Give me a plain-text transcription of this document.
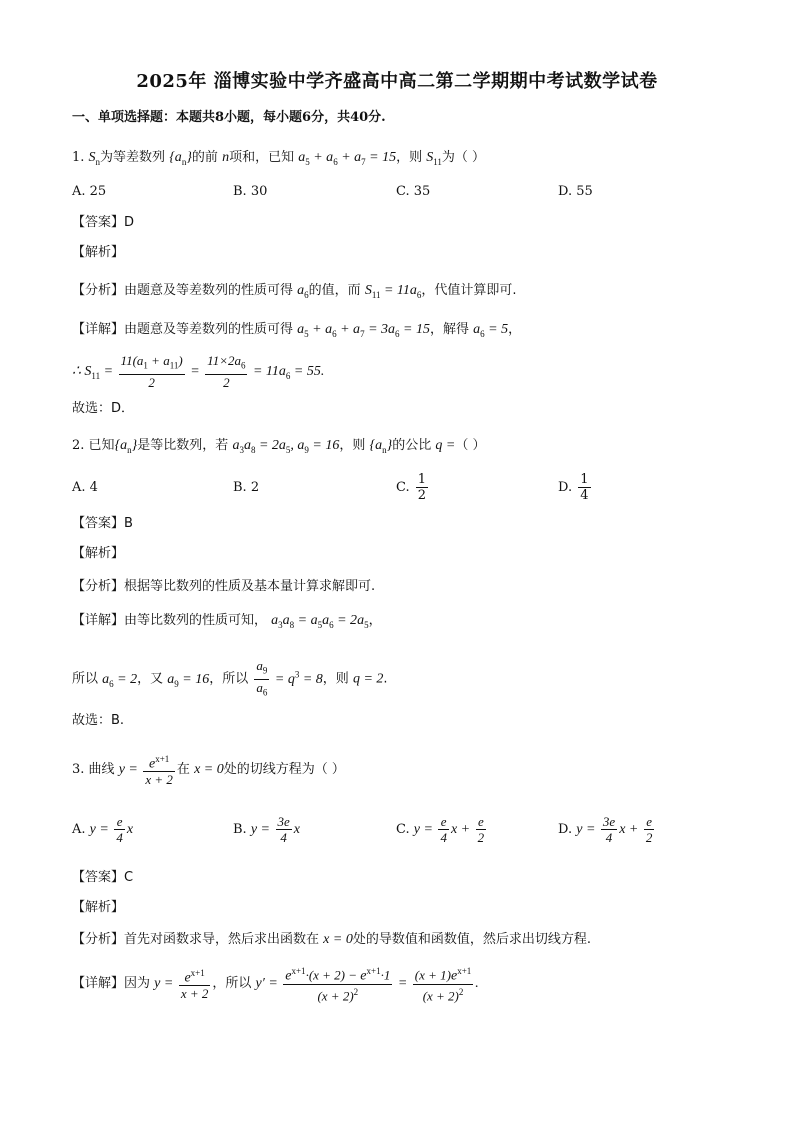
2025年 淄博实验中学齐盛高中高二第二学期期中考试数学试卷
一、单项选择题：本题共8小题，每小题6分，共40分.
1. $S_n$为等差数列 $\{a_n\}$的前 n项和，已知 $a_5 + a_6 + a_7 = 15$，则 $S_{11}$为（ ）
A. 25	B. 30	C. 35	D. 55
【答案】D
【解析】
【分析】由题意及等差数列的性质可得 $a_6$的值，而 $S_{11} = 11a_6$，代值计算即可.
【详解】由题意及等差数列的性质可得 $a_5 + a_6 + a_7 = 3a_6 = 15$，解得 $a_6 = 5$，
∴ $S_{11} = \frac{11(a_1 + a_{11})}{2} = \frac{11\times 2a_6}{2} = 11a_6 = 55$.
故选：D．
2. 已知$\{a_n\}$是等比数列，若 $a_3a_8 = 2a_5$, $a_9 = 16$，则 $\{a_n\}$的公比 q =（ ）
A. 4	B. 2	C. $\frac{1}{2}$	D. $\frac{1}{4}$
【答案】B
【解析】
【分析】根据等比数列的性质及基本量计算求解即可.
【详解】由等比数列的性质可知， $a_3a_8 = a_5a_6 = 2a_5$，
所以 $a_6 = 2$，又 $a_9 = 16$，所以 $\frac{a_9}{a_6} = q^3 = 8$，则 q = 2.
故选：B.
3. 曲线 $y = \frac{e^{x+1}}{x + 2}$ 在 x = 0处的切线方程为（ ）
A. $y = \frac{e}{4}$ x	B. $y = \frac{3e}{4}$ x	C. $y = \frac{e}{4}$ $x + \frac{e}{2}$	D. $y = \frac{3e}{4}$ $x + \frac{e}{2}$
【答案】C
【解析】
【分析】首先对函数求导，然后求出函数在 x = 0处的导数值和函数值，然后求出切线方程.
【详解】因为 $y = \frac{e^{x+1}}{x + 2}$ ，所以 $y' = \frac{e^{x+1}\cdot(x + 2) - e^{x+1}\cdot 1}{(x + 2)^2} = \frac{(x + 1)e^{x+1}}{(x + 2)^2}$ .
